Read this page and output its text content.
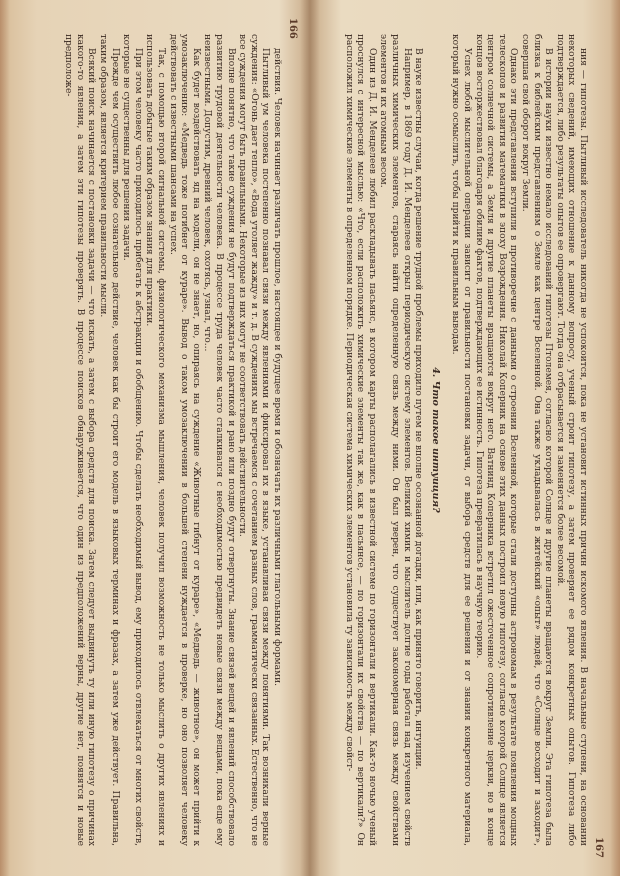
166

действия. Человек начинает различать прошлое, настоящее и будущее время и обозначать их различными глагольными формами.

Пытливый ум человека постепенно познавал связи между явлениями и фиксировал их в языке, устанавливая связи между понятиями. Так возникали верные суждения: «Огонь дает тепло», «Вода утоляет жажду» и т. д. В суждениях мы встречаемся с сочетанием разных слов, грамматически связанных. Естественно, что не все суждения могут быть правильными. Некоторые из них могут не соответствовать действительности.

Вполне понятно, что такие суждения не будут подтверждаться практикой и рано или поздно будут отвергнуты. Знание связей вещей и явлений способствовало развитию трудовой деятельности человека. В процессе труда человек часто сталкивался с необходимостью предвидеть новые связи между вещами, пока еще ему неизвестными. Допустим, древний человек, охотясь, узнал, что...

Как будет воздействовать яд на модели, он не знает, но, опираясь на суждение «Животные гибнут от кураре», «Медведь — животное», он может прийти к умозаключению: «Медведь тоже погибнет от кураре». Вывод о таком умозаключении в большей степени нуждается в проверке, но оно позволяет человеку действовать с известными шансами на успех.

Так, с помощью второй сигнальной системы, физиологического механизма мышления, человек получил возможность не только мыслить о других явлениях и использовать добытые таким образом знания для практики.

При этом человеку часто приходилось прибегать к абстракции и обобщению. Чтобы сделать необходимый вывод, ему приходилось отвлекаться от многих свойств, которые не существенны для решения задачи.

Прежде чем осуществить любое сознательное действие, человек как бы строит его модель в языковых терминах и фразах, а затем уже действует. Правильна, таким образом, является критерием правильности мысли.

Всякий поиск начинается с постановки задачи — что искать, а затем с выбора средств для поиска. Затем следует выдвинуть ту или иную гипотезу о причинах какого-то явления, а затем эти гипотезы проверять. В процессе поисков обнаруживается, что один из предположений верны, другие нет, появятся и новые предположе-

167

ния — гипотезы. Пытливый исследователь никогда не успокоится, пока не установит истинных причин искомого явления. В начальные ступени, на основании некоторых сведений, имеющих отношение к данному вопросу, ученый строит гипотезу, а затем проверяет ее рядом конкретных опытов. Гипотеза либо подтверждается, либо результаты опытов ее опровергают. Тогда она отбрасывается и заменяется более весомой.

В истории науки известно немало исследований гипотезы Птолемея, согласно которой Солнце и другие планеты вращаются вокруг Земли. Эта гипотеза была близка к библейским представлениям о Земле как центре Вселенной. Она также укладывалась в житейский «опыт» людей, что «Солнце восходит и заходит», совершая свой оборот вокруг Земли.

Однако эти представления вступили в противоречие с данными о строении Вселенной, которые стали доступны астрономам в результате появления мощных телескопов и развития математики в эпоху Возрождения. Николай Коперник на основе этих данных построил новую гипотезу, согласно которой Солнце является центром солнечной системы, а Земля и другие планеты вращаются вокруг него. Ватнинд Коперника встретил ожесточенное сопротивление церкви, но в конце концов восторжествовал благодаря обилию фактов, подтверждающих ее истинность. Гипотеза превратилась в научную теорию.

Успех любой мыслительной операции зависит от правильности постановки задачи, от выбора средств для ее решения и от знания конкретного материала, который нужно осмыслить, чтобы прийти к правильным выводам.

4. Что такое интуиция?

В науке известны случаи, когда решение трудной проблемы приходило путем не вполне осознанной догадки, или, как принято говорить, интуиции.

Например, в 1869 году Д. И. Менделеев открыл периодическую систему элементов. Великий химик и мыслитель долгие годы работал над изучением свойств различных химических элементов, стараясь найти определенную связь между ними. Он был уверен, что существует закономерная связь между свойствами элементов и их атомным весом.

Один из Д. И. Менделеев любил раскладывать пасьянс, в котором карты располагались в известной системе по горизонтали и вертикали. Как-то ночью ученый проснулся с интересной мыслью: «Что, если расположить химические элементы так же, как в пасьянсе, — по горизонтали их свойства — по вертикали?» Он расположил химические элементы в определенном порядке. Периодическая система химических элементов установила ту зависимость между свойст-
